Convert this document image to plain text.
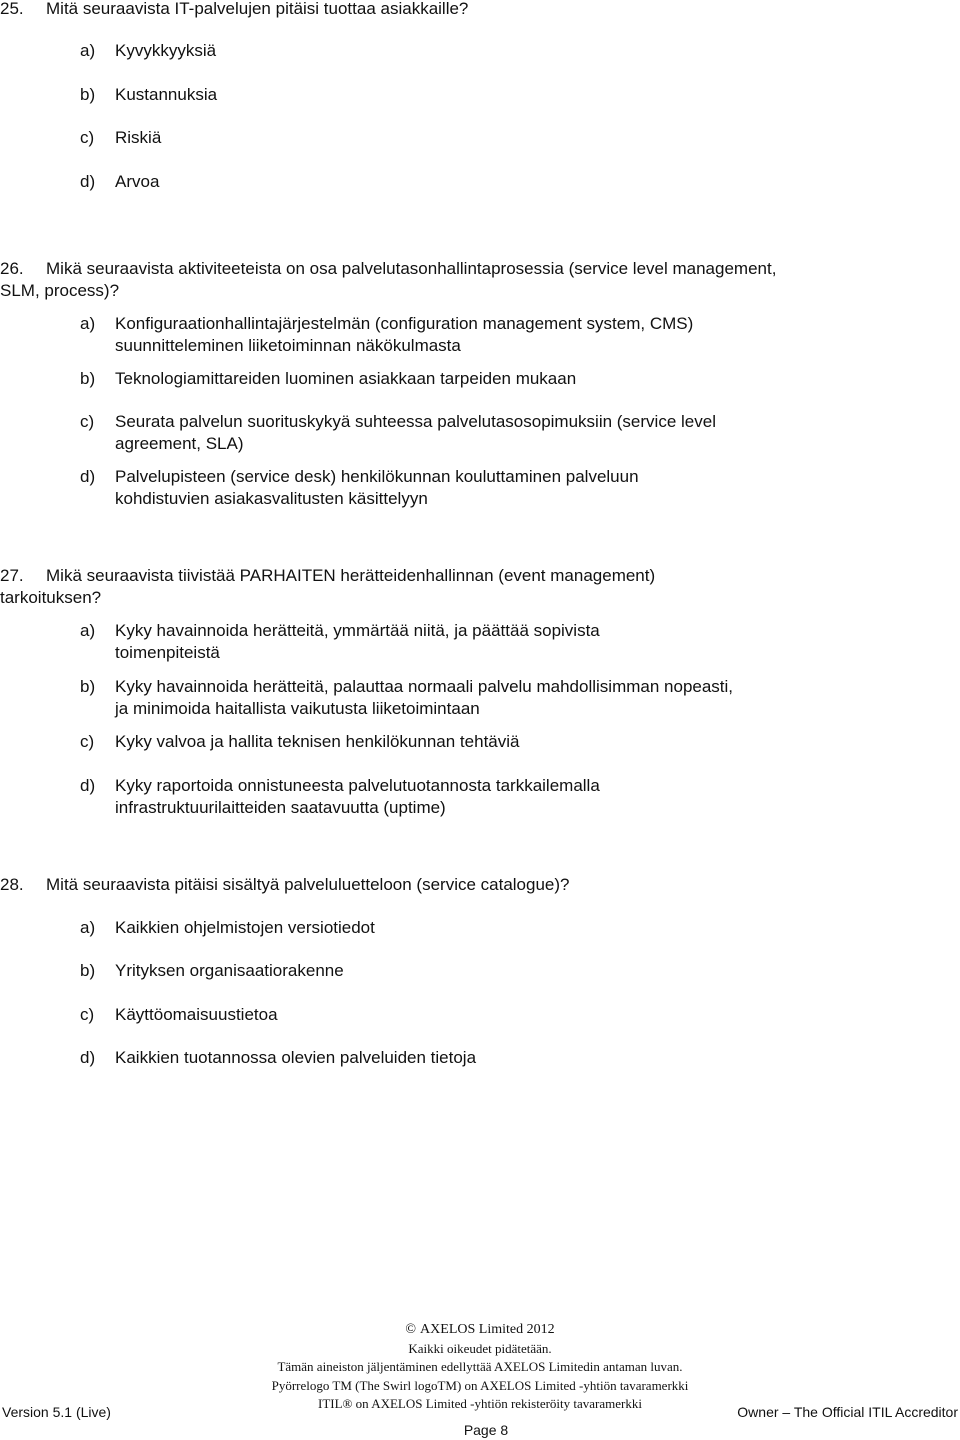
25. Mitä seuraavista IT-palvelujen pitäisi tuottaa asiakkaille?
a) Kyvykkyyksiä
b) Kustannuksia
c) Riskiä
d) Arvoa
26.	Mikä seuraavista aktiviteeteista on osa palvelutasonhallintaprosessia (service level management, SLM, process)?
a) Konfiguraationhallintajärjestelmän (configuration management system, CMS) suunnitteleminen liiketoiminnan näkökulmasta
b) Teknologiamittareiden luominen asiakkaan tarpeiden mukaan
c) Seurata palvelun suorituskykyä suhteessa palvelutasosopimuksiin (service level agreement, SLA)
d) Palvelupisteen (service desk) henkilökunnan kouluttaminen palveluun kohdistuvien asiakasvalitusten käsittelyyn
27.	Mikä seuraavista tiivistää PARHAITEN herätteidenhallinnan (event management) tarkoituksen?
a) Kyky havainnoida herätteitä, ymmärtää niitä, ja päättää sopivista toimenpiteistä
b) Kyky havainnoida herätteitä, palauttaa normaali palvelu mahdollisimman nopeasti, ja minimoida haitallista vaikutusta liiketoimintaan
c) Kyky valvoa ja hallita teknisen henkilökunnan tehtäviä
d) Kyky raportoida onnistuneesta palvelutuotannosta tarkkailemalla infrastruktuurilaitteiden saatavuutta (uptime)
28. Mitä seuraavista pitäisi sisältyä palveluluetteloon (service catalogue)?
a) Kaikkien ohjelmistojen versiotiedot
b) Yrityksen organisaatiorakenne
c) Käyttöomaisuustietoa
d) Kaikkien tuotannossa olevien palveluiden tietoja
© AXELOS Limited 2012
Kaikki oikeudet pidätetään.
Tämän aineiston jäljentäminen edellyttää AXELOS Limitedin antaman luvan.
Pyörrelogo TM (The Swirl logoTM) on AXELOS Limited -yhtiön tavaramerkki
ITIL® on AXELOS Limited -yhtiön rekisteröity tavaramerkki
Version 5.1 (Live)	Owner – The Official ITIL Accreditor
Page 8
